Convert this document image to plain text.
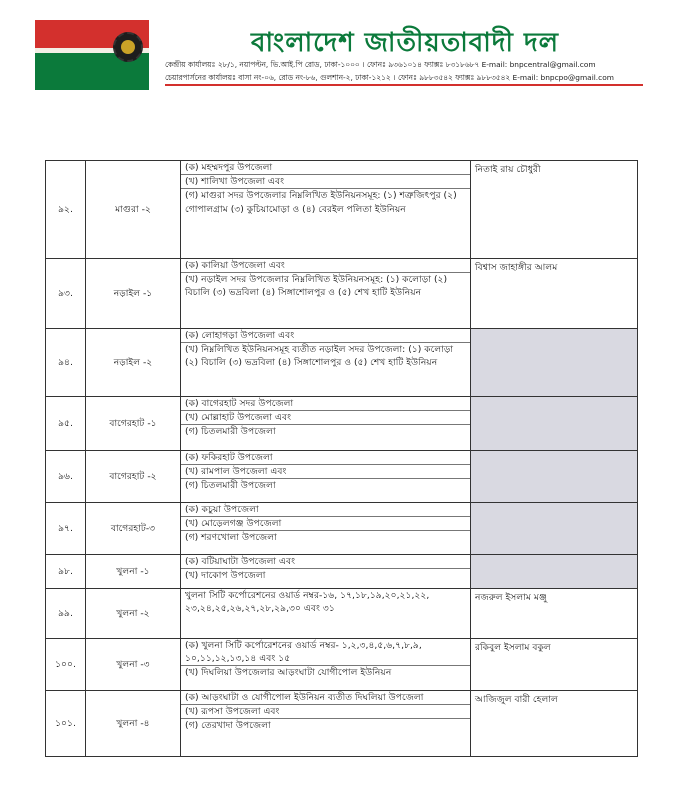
বাংলাদেশ জাতীয়তাবাদী দল
কেন্দ্রীয় কার্যালয়ঃ ২৮/১, নয়াপল্টন, ভি.আই.পি রোড, ঢাকা-১০০০ । ফোনঃ ৯৩৬১০১৪ ফ্যাক্সঃ ৮৩১৮৬৮৭ E-mail: bnpcentral@gmail.com
চেয়ারপার্সনের কার্যালয়ঃ বাসা নং-০৬, রোড নং-৮৬, গুলশান-২, ঢাকা-১২১২ । ফোনঃ ৯৮৮৩৫৪২ ফ্যাক্সঃ ৯৮৮৩৫৪২ E-mail: bnpcpo@gmail.com
৯২.	মাগুরা -২	(ক) মহম্মদপুর উপজেলা
(খ) শালিখা উপজেলা এবং
(গ) মাগুরা সদর উপজেলার নিম্নলিখিত ইউনিয়নসমূহ: (১) শত্রুজিৎপুর (২) গোপালগ্রাম (৩) কুচিয়ামোড়া ও (৪) বেরইল পলিতা ইউনিয়ন	নিতাই রায় চৌধুরী
৯৩.	নড়াইল -১	(ক) কালিয়া উপজেলা এবং
(খ) নড়াইল সদর উপজেলার নিম্নলিখিত ইউনিয়নসমূহ: (১) কলোড়া (২) বিচালি (৩) ভদ্রবিলা (৪) সিঙ্গাশোলপুর ও (৫) শেখ হাটি ইউনিয়ন	বিশ্বাস জাহাঙ্গীর আলম
৯৪.	নড়াইল -২	(ক) লোহাগড়া উপজেলা এবং
(খ) নিম্নলিখিত ইউনিয়নসমূহ ব্যতীত নড়াইল সদর উপজেলা: (১) কলোড়া (২) বিচালি (৩) ভদ্রবিলা (৪) সিঙ্গাশোলপুর ও (৫) শেখ হাটি ইউনিয়ন	

৯৫.	বাগেরহাট -১	(ক) বাগেরহাট সদর উপজেলা
(খ) মোল্লাহাট উপজেলা এবং
(গ) চিতলমারী উপজেলা	

৯৬.	বাগেরহাট -২	(ক) ফকিরহাট উপজেলা
(খ) রামপাল উপজেলা এবং
(গ) চিতলমারী উপজেলা	

৯৭.	বাগেরহাট-৩	(ক) কচুয়া উপজেলা
(খ) মোড়েলগঞ্জ উপজেলা
(গ) শরণখোলা উপজেলা	

৯৮.	খুলনা -১	(ক) বটিয়াঘাটা উপজেলা এবং
(খ) দাকোপ উপজেলা	

৯৯.	খুলনা -২	খুলনা সিটি কর্পোরেশনের ওয়ার্ড নম্বর-১৬, ১৭,১৮,১৯,২০,২১,২২, ২৩,২৪,২৫,২৬,২৭,২৮,২৯,৩০ এবং ৩১	নজরুল ইসলাম মঞ্জু
১০০.	খুলনা -৩	(ক) খুলনা সিটি কর্পোরেশনের ওয়ার্ড নম্বর- ১,২,৩,৪,৫,৬,৭,৮,৯, ১০,১১,১২,১৩,১৪ এবং ১৫
(খ) দিঘলিয়া উপজেলার আড়ংঘাটা যোগীপোল ইউনিয়ন	রকিবুল ইসলাম বকুল
১০১.	খুলনা -৪	(ক) আড়ংঘাটা ও যোগীপোল ইউনিয়ন ব্যতীত দিঘলিয়া উপজেলা
(খ) রূপসা উপজেলা এবং
(গ) তেরখাদা উপজেলা	আজিজুল বারী হেলাল
